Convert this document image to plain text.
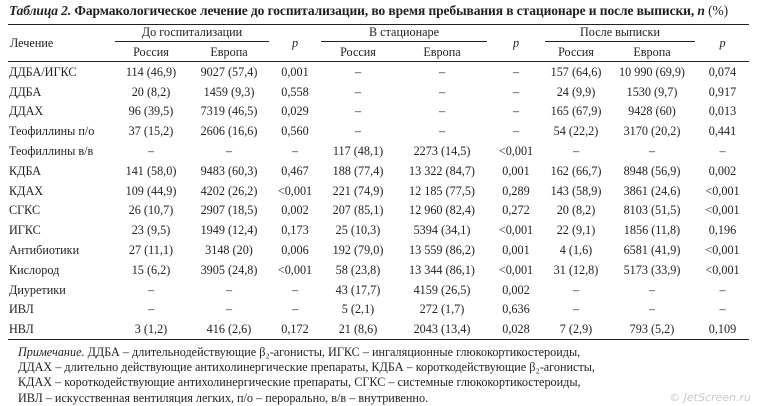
Таблица 2. Фармакологическое лечение до госпитализации, во время пребывания в стационаре и после выписки, n (%)
Лечение	До госпитализации		p	В стационаре		p	После выписки		p
	Россия	Европа		Россия	Европа		Россия	Европа	
ДДБА/ИГКС	114 (46,9)	9027 (57,4)	0,001	–	–	–	157 (64,6)	10 990 (69,9)	0,074
ДДБА	20 (8,2)	1459 (9,3)	0,558	–	–	–	24 (9,9)	1530 (9,7)	0,917
ДДАХ	96 (39,5)	7319 (46,5)	0,029	–	–	–	165 (67,9)	9428 (60)	0,013
Теофиллины п/о	37 (15,2)	2606 (16,6)	0,560	–	–	–	54 (22,2)	3170 (20,2)	0,441
Теофиллины в/в	–	–	–	117 (48,1)	2273 (14,5)	<0,001	–	–	–
КДБА	141 (58,0)	9483 (60,3)	0,467	188 (77,4)	13 322 (84,7)	0,001	162 (66,7)	8948 (56,9)	0,002
КДАХ	109 (44,9)	4202 (26,2)	<0,001	221 (74,9)	12 185 (77,5)	0,289	143 (58,9)	3861 (24,6)	<0,001
СГКС	26 (10,7)	2907 (18,5)	0,002	207 (85,1)	12 960 (82,4)	0,272	20 (8,2)	8103 (51,5)	<0,001
ИГКС	23 (9,5)	1949 (12,4)	0,173	25 (10,3)	5394 (34,1)	<0,001	22 (9,1)	1856 (11,8)	0,196
Антибиотики	27 (11,1)	3148 (20)	0,006	192 (79,0)	13 559 (86,2)	0,001	4 (1,6)	6581 (41,9)	<0,001
Кислород	15 (6,2)	3905 (24,8)	<0,001	58 (23,8)	13 344 (86,1)	<0,001	31 (12,8)	5173 (33,9)	<0,001
Диуретики	–	–	–	43 (17,7)	4159 (26,5)	0,002	–	–	–
ИВЛ	–	–	–	5 (2,1)	272 (1,7)	0,636	–	–	–
НВЛ	3 (1,2)	416 (2,6)	0,172	21 (8,6)	2043 (13,4)	0,028	7 (2,9)	793 (5,2)	0,109

Примечание. ДДБА – длительнодействующие β₂-агонисты, ИГКС – ингаляционные глюкокортикостероиды,

ДДАХ – длительно действующие антихолинергические препараты, КДБА – короткодействующие β₂-агонисты,

КДАХ – короткодействующие антихолинергические препараты, СГКС – системные глюкокортикостероиды,

ИВЛ – искусственная вентиляция легких, п/о – перорально, в/в – внутривенно.	© JetScreen.ru
